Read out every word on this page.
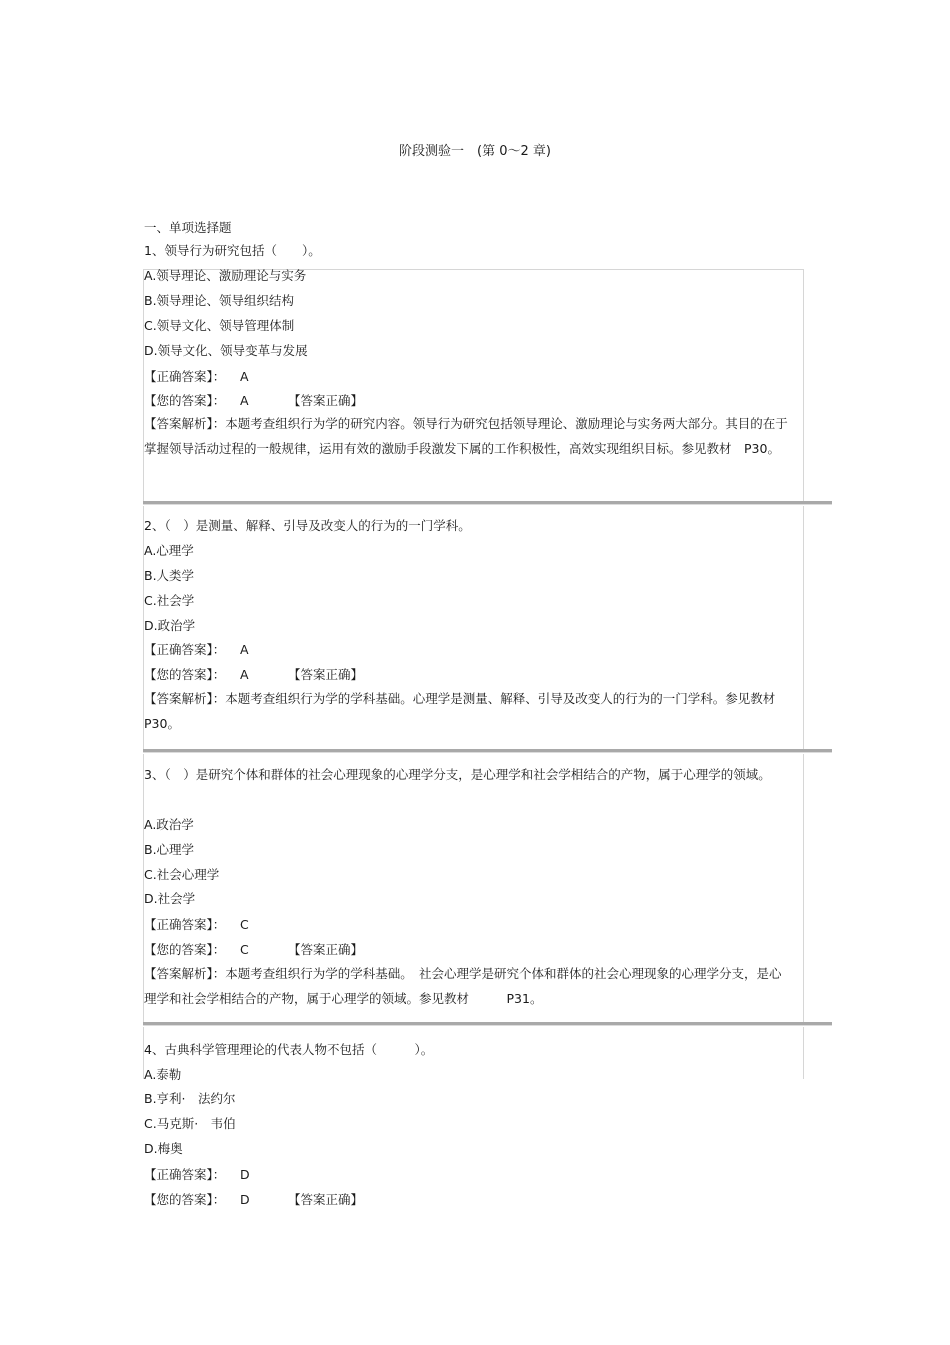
阶段测验一　(第 0～2 章)
一、单项选择题
1、领导行为研究包括（　　）。
A.领导理论、激励理论与实务
B.领导理论、领导组织结构
C.领导文化、领导管理体制
D.领导文化、领导变革与发展
【正确答案】： A
【您的答案】： A	【答案正确】
【答案解析】：本题考查组织行为学的研究内容。领导行为研究包括领导理论、激励理论与实务两大部分。其目的在于掌握领导活动过程的一般规律，运用有效的激励手段激发下属的工作积极性，高效实现组织目标。参见教材　P30。
2、（　）是测量、解释、引导及改变人的行为的一门学科。
A.心理学
B.人类学
C.社会学
D.政治学
【正确答案】： A
【您的答案】： A	【答案正确】
【答案解析】：本题考查组织行为学的学科基础。心理学是测量、解释、引导及改变人的行为的一门学科。参见教材　P30。
3、（　）是研究个体和群体的社会心理现象的心理学分支，是心理学和社会学相结合的产物，属于心理学的领域。
A.政治学
B.心理学
C.社会心理学
D.社会学
【正确答案】： C
【您的答案】： C	【答案正确】
【答案解析】：本题考查组织行为学的学科基础。　社会心理学是研究个体和群体的社会心理现象的心理学分支，是心理学和社会学相结合的产物，属于心理学的领域。参见教材　　　P31。
4、古典科学管理理论的代表人物不包括（　　　）。
A.泰勒
B.亨利·　法约尔
C.马克斯·　韦伯
D.梅奥
【正确答案】： D
【您的答案】： D	【答案正确】
